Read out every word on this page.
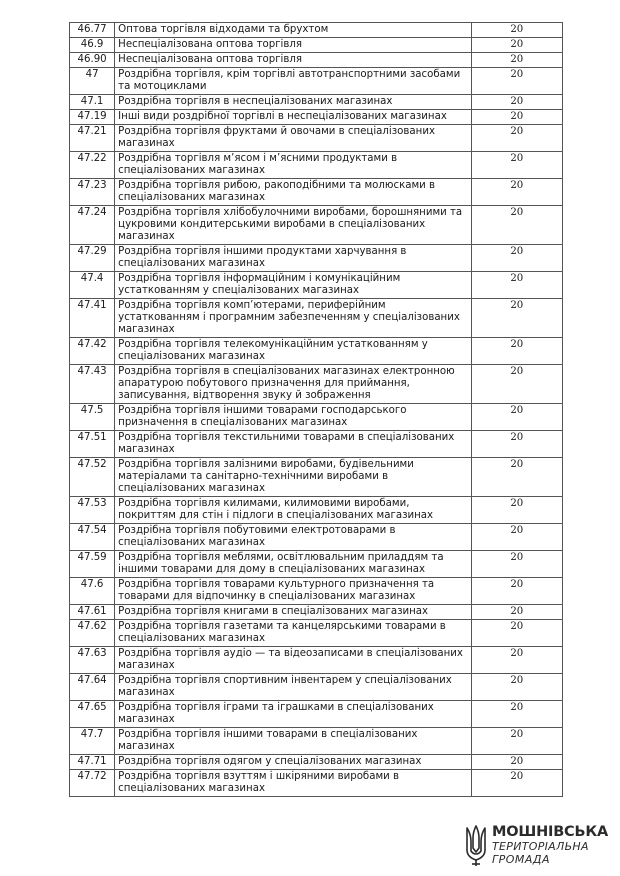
46.77	Оптова торгівля відходами та брухтом	20
46.9	Неспеціалізована оптова торгівля	20
46.90	Неспеціалізована оптова торгівля	20
47	Роздрібна торгівля, крім торгівлі автотранспортними засобами та мотоциклами	20
47.1	Роздрібна торгівля в неспеціалізованих магазинах	20
47.19	Інші види роздрібної торгівлі в неспеціалізованих магазинах	20
47.21	Роздрібна торгівля фруктами й овочами в спеціалізованих магазинах	20
47.22	Роздрібна торгівля м’ясом і м’ясними продуктами в спеціалізованих магазинах	20
47.23	Роздрібна торгівля рибою, ракоподібними та молюсками в спеціалізованих магазинах	20
47.24	Роздрібна торгівля хлібобулочними виробами, борошняними та цукровими кондитерськими виробами в спеціалізованих магазинах	20
47.29	Роздрібна торгівля іншими продуктами харчування в спеціалізованих магазинах	20
47.4	Роздрібна торгівля інформаційним і комунікаційним устаткованням у спеціалізованих магазинах	20
47.41	Роздрібна торгівля комп’ютерами, периферійним устаткованням і програмним забезпеченням у спеціалізованих магазинах	20
47.42	Роздрібна торгівля телекомунікаційним устаткованням у спеціалізованих магазинах	20
47.43	Роздрібна торгівля в спеціалізованих магазинах електронною апаратурою побутового призначення для приймання, записування, відтворення звуку й зображення	20
47.5	Роздрібна торгівля іншими товарами господарського призначення в спеціалізованих магазинах	20
47.51	Роздрібна торгівля текстильними товарами в спеціалізованих магазинах	20
47.52	Роздрібна торгівля залізними виробами, будівельними матеріалами та санітарно-технічними виробами в спеціалізованих магазинах	20
47.53	Роздрібна торгівля килимами, килимовими виробами, покриттям для стін і підлоги в спеціалізованих магазинах	20
47.54	Роздрібна торгівля побутовими електротоварами в спеціалізованих магазинах	20
47.59	Роздрібна торгівля меблями, освітлювальним приладдям та іншими товарами для дому в спеціалізованих магазинах	20
47.6	Роздрібна торгівля товарами культурного призначення та товарами для відпочинку в спеціалізованих магазинах	20
47.61	Роздрібна торгівля книгами в спеціалізованих магазинах	20
47.62	Роздрібна торгівля газетами та канцелярськими товарами в спеціалізованих магазинах	20
47.63	Роздрібна торгівля аудіо — та відеозаписами в спеціалізованих магазинах	20
47.64	Роздрібна торгівля спортивним інвентарем у спеціалізованих магазинах	20
47.65	Роздрібна торгівля іграми та іграшками в спеціалізованих магазинах	20
47.7	Роздрібна торгівля іншими товарами в спеціалізованих магазинах	20
47.71	Роздрібна торгівля одягом у спеціалізованих магазинах	20
47.72	Роздрібна торгівля взуттям і шкіряними виробами в спеціалізованих магазинах	20
МОШНІВСЬКА
ТЕРИТОРІАЛЬНА
ГРОМАДА
